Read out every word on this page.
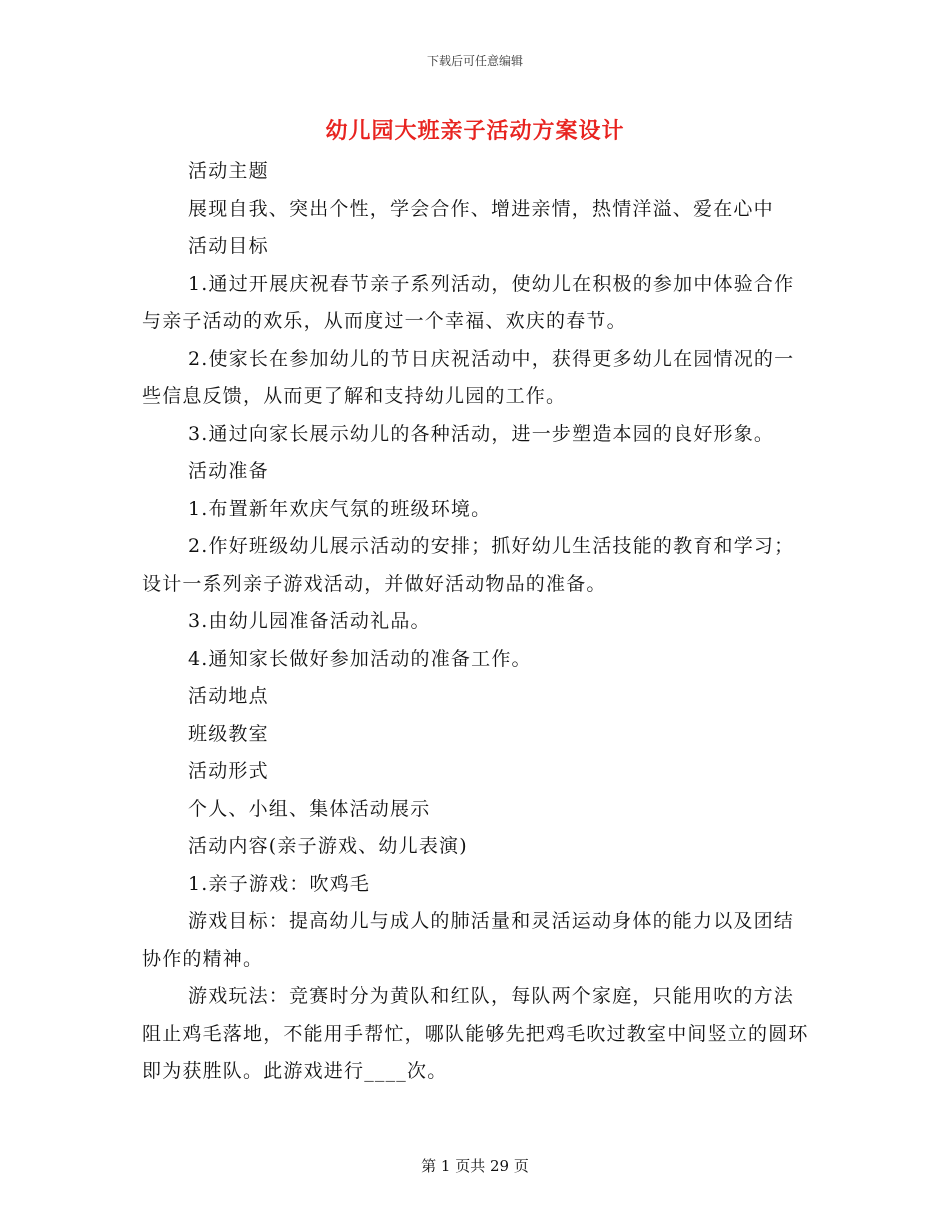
下载后可任意编辑
幼儿园大班亲子活动方案设计

活动主题

展现自我、突出个性，学会合作、增进亲情，热情洋溢、爱在心中

活动目标

1.通过开展庆祝春节亲子系列活动，使幼儿在积极的参加中体验合作与亲子活动的欢乐，从而度过一个幸福、欢庆的春节。

2.使家长在参加幼儿的节日庆祝活动中，获得更多幼儿在园情况的一些信息反馈，从而更了解和支持幼儿园的工作。

3.通过向家长展示幼儿的各种活动，进一步塑造本园的良好形象。

活动准备

1.布置新年欢庆气氛的班级环境。

2.作好班级幼儿展示活动的安排；抓好幼儿生活技能的教育和学习；设计一系列亲子游戏活动，并做好活动物品的准备。

3.由幼儿园准备活动礼品。

4.通知家长做好参加活动的准备工作。

活动地点

班级教室

活动形式

个人、小组、集体活动展示

活动内容(亲子游戏、幼儿表演)

1.亲子游戏：吹鸡毛

游戏目标：提高幼儿与成人的肺活量和灵活运动身体的能力以及团结协作的精神。

游戏玩法：竞赛时分为黄队和红队，每队两个家庭，只能用吹的方法阻止鸡毛落地，不能用手帮忙，哪队能够先把鸡毛吹过教室中间竖立的圆环即为获胜队。此游戏进行____次。

第 1 页共 29 页
